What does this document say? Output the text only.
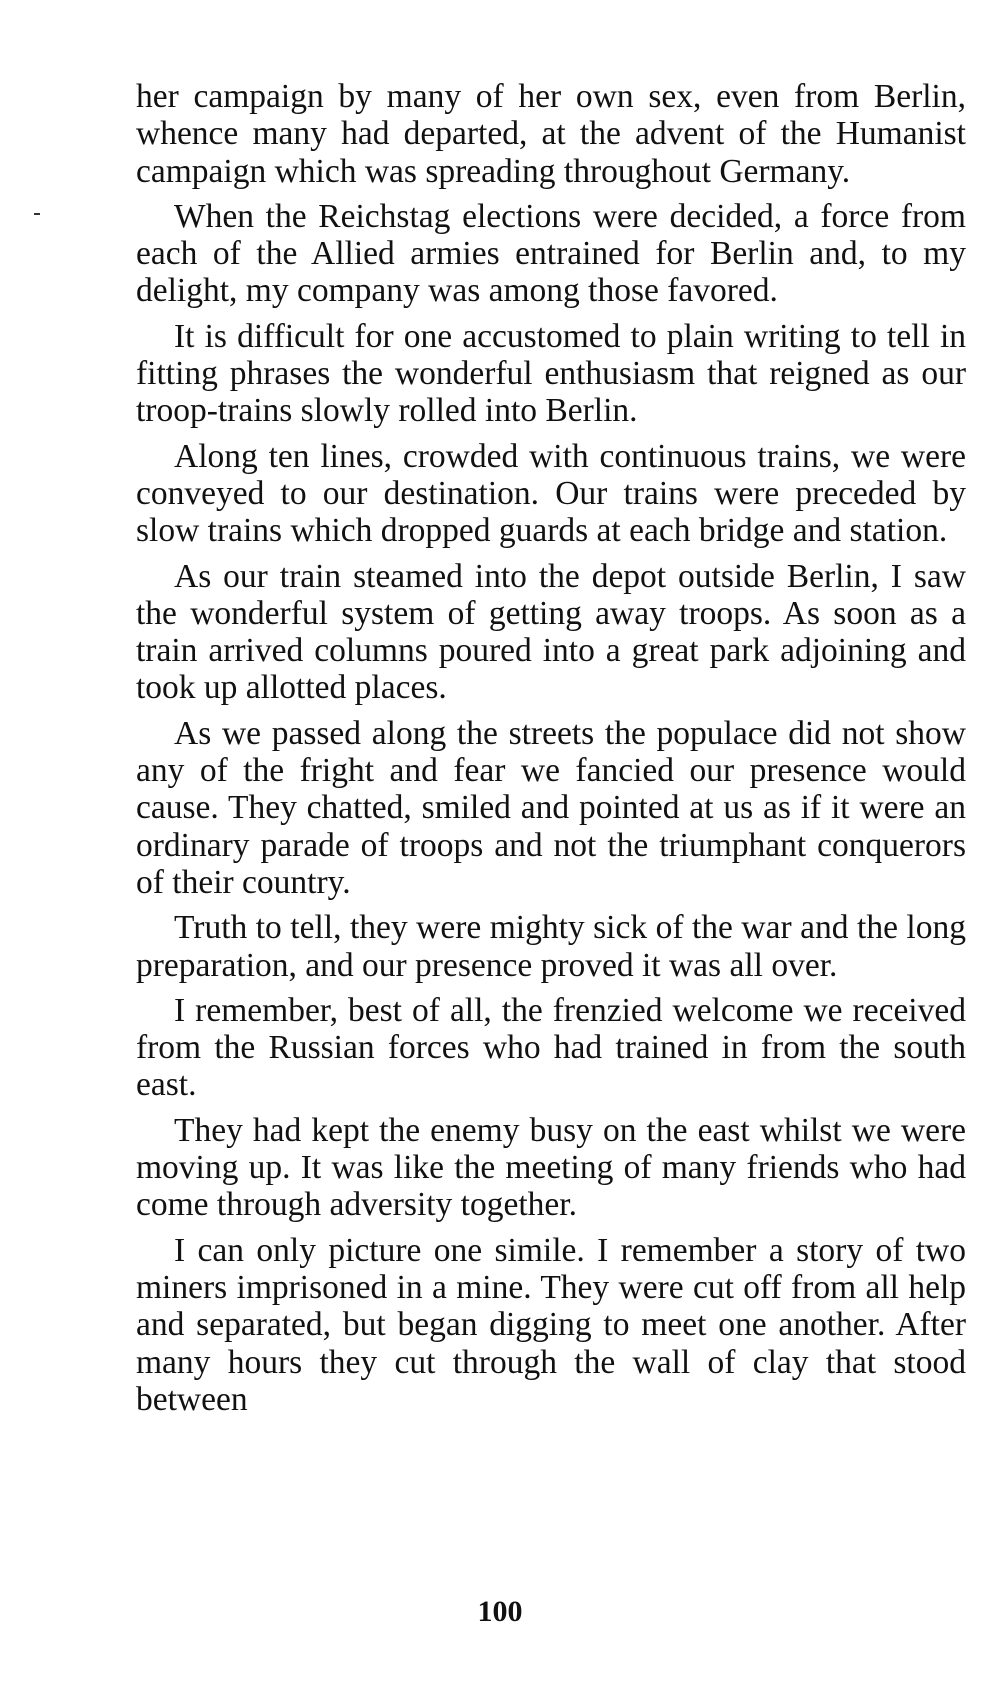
her campaign by many of her own sex, even from Berlin, whence many had departed, at the advent of the Humanist campaign which was spreading throughout Germany.

When the Reichstag elections were decided, a force from each of the Allied armies entrained for Berlin and, to my delight, my company was among those favored.

It is difficult for one accustomed to plain writing to tell in fitting phrases the wonderful enthusiasm that reigned as our troop-trains slowly rolled into Berlin.

Along ten lines, crowded with continuous trains, we were conveyed to our destination. Our trains were preceded by slow trains which dropped guards at each bridge and station.

As our train steamed into the depot outside Berlin, I saw the wonderful system of getting away troops. As soon as a train arrived columns poured into a great park adjoining and took up allotted places.

As we passed along the streets the populace did not show any of the fright and fear we fancied our presence would cause. They chatted, smiled and pointed at us as if it were an ordinary parade of troops and not the triumphant conquerors of their country.

Truth to tell, they were mighty sick of the war and the long preparation, and our presence proved it was all over.

I remember, best of all, the frenzied welcome we received from the Russian forces who had trained in from the south east.

They had kept the enemy busy on the east whilst we were moving up. It was like the meeting of many friends who had come through adversity together.

I can only picture one simile. I remember a story of two miners imprisoned in a mine. They were cut off from all help and separated, but began digging to meet one another. After many hours they cut through the wall of clay that stood between

100
